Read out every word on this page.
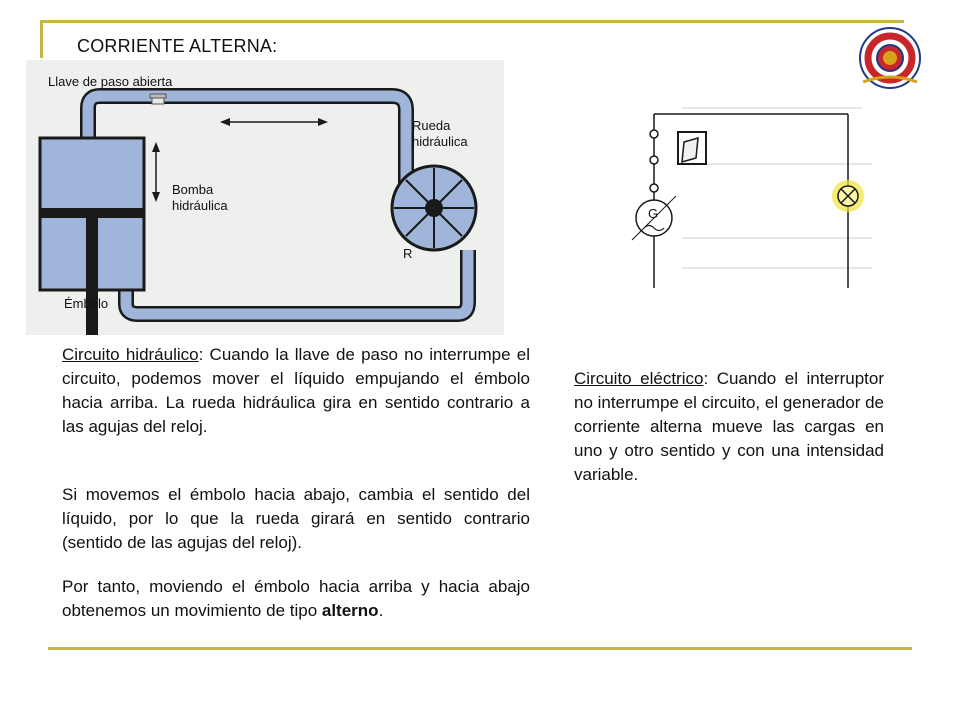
CORRIENTE ALTERNA:
Llave de paso abierta
Rueda
hidráulica
Bomba
hidráulica
R
Émbolo
G

Circuito hidráulico: Cuando la llave de paso no interrumpe el circuito, podemos mover el líquido empujando el émbolo hacia arriba. La rueda hidráulica gira en sentido contrario a las agujas del reloj.

Si movemos el émbolo hacia abajo, cambia el sentido del líquido, por lo que la rueda girará en sentido contrario (sentido de las agujas del reloj).

Por tanto, moviendo el émbolo hacia arriba y hacia abajo obtenemos un movimiento de tipo alterno.

Circuito eléctrico: Cuando el interruptor no interrumpe el circuito, el generador de corriente alterna mueve las cargas en uno y otro sentido y con una intensidad variable.
